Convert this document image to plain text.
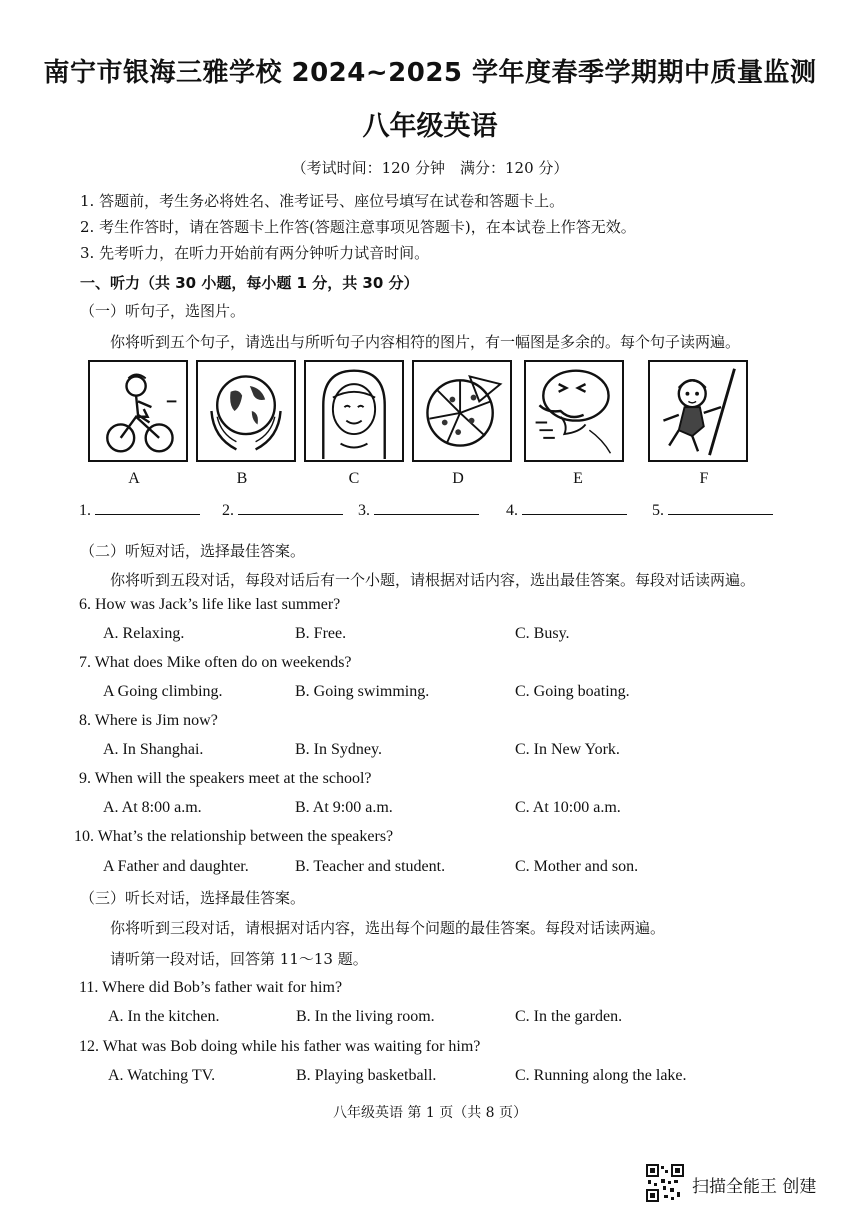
南宁市银海三雅学校 2024~2025 学年度春季学期期中质量监测
八年级英语
（考试时间：120 分钟　满分：120 分）
1. 答题前，考生务必将姓名、准考证号、座位号填写在试卷和答题卡上。
2. 考生作答时，请在答题卡上作答(答题注意事项见答题卡)，在本试卷上作答无效。
3. 先考听力，在听力开始前有两分钟听力试音时间。
一、听力（共 30 小题，每小题 1 分，共 30 分）
（一）听句子，选图片。
你将听到五个句子，请选出与所听句子内容相符的图片，有一幅图是多余的。每个句子读两遍。
A	B	C	D	E	F
1.	2.	3.	4.	5.
（二）听短对话，选择最佳答案。
你将听到五段对话，每段对话后有一个小题，请根据对话内容，选出最佳答案。每段对话读两遍。
6. How was Jack’s life like last summer?
A. Relaxing.	B. Free.	C. Busy.
7. What does Mike often do on weekends?
A Going climbing.	B. Going swimming.	C. Going boating.
8. Where is Jim now?
A. In Shanghai.	B. In Sydney.	C. In New York.
9. When will the speakers meet at the school?
A. At 8:00 a.m.	B. At 9:00 a.m.	C. At 10:00 a.m.
10. What’s the relationship between the speakers?
A Father and daughter.	B. Teacher and student.	C. Mother and son.
（三）听长对话，选择最佳答案。
你将听到三段对话，请根据对话内容，选出每个问题的最佳答案。每段对话读两遍。
请听第一段对话，回答第 11～13 题。
11. Where did Bob’s father wait for him?
A. In the kitchen.	B. In the living room.	C. In the garden.
12. What was Bob doing while his father was waiting for him?
A. Watching TV.	B. Playing basketball.	C. Running along the lake.
八年级英语 第 1 页（共 8 页）
扫描全能王 创建
